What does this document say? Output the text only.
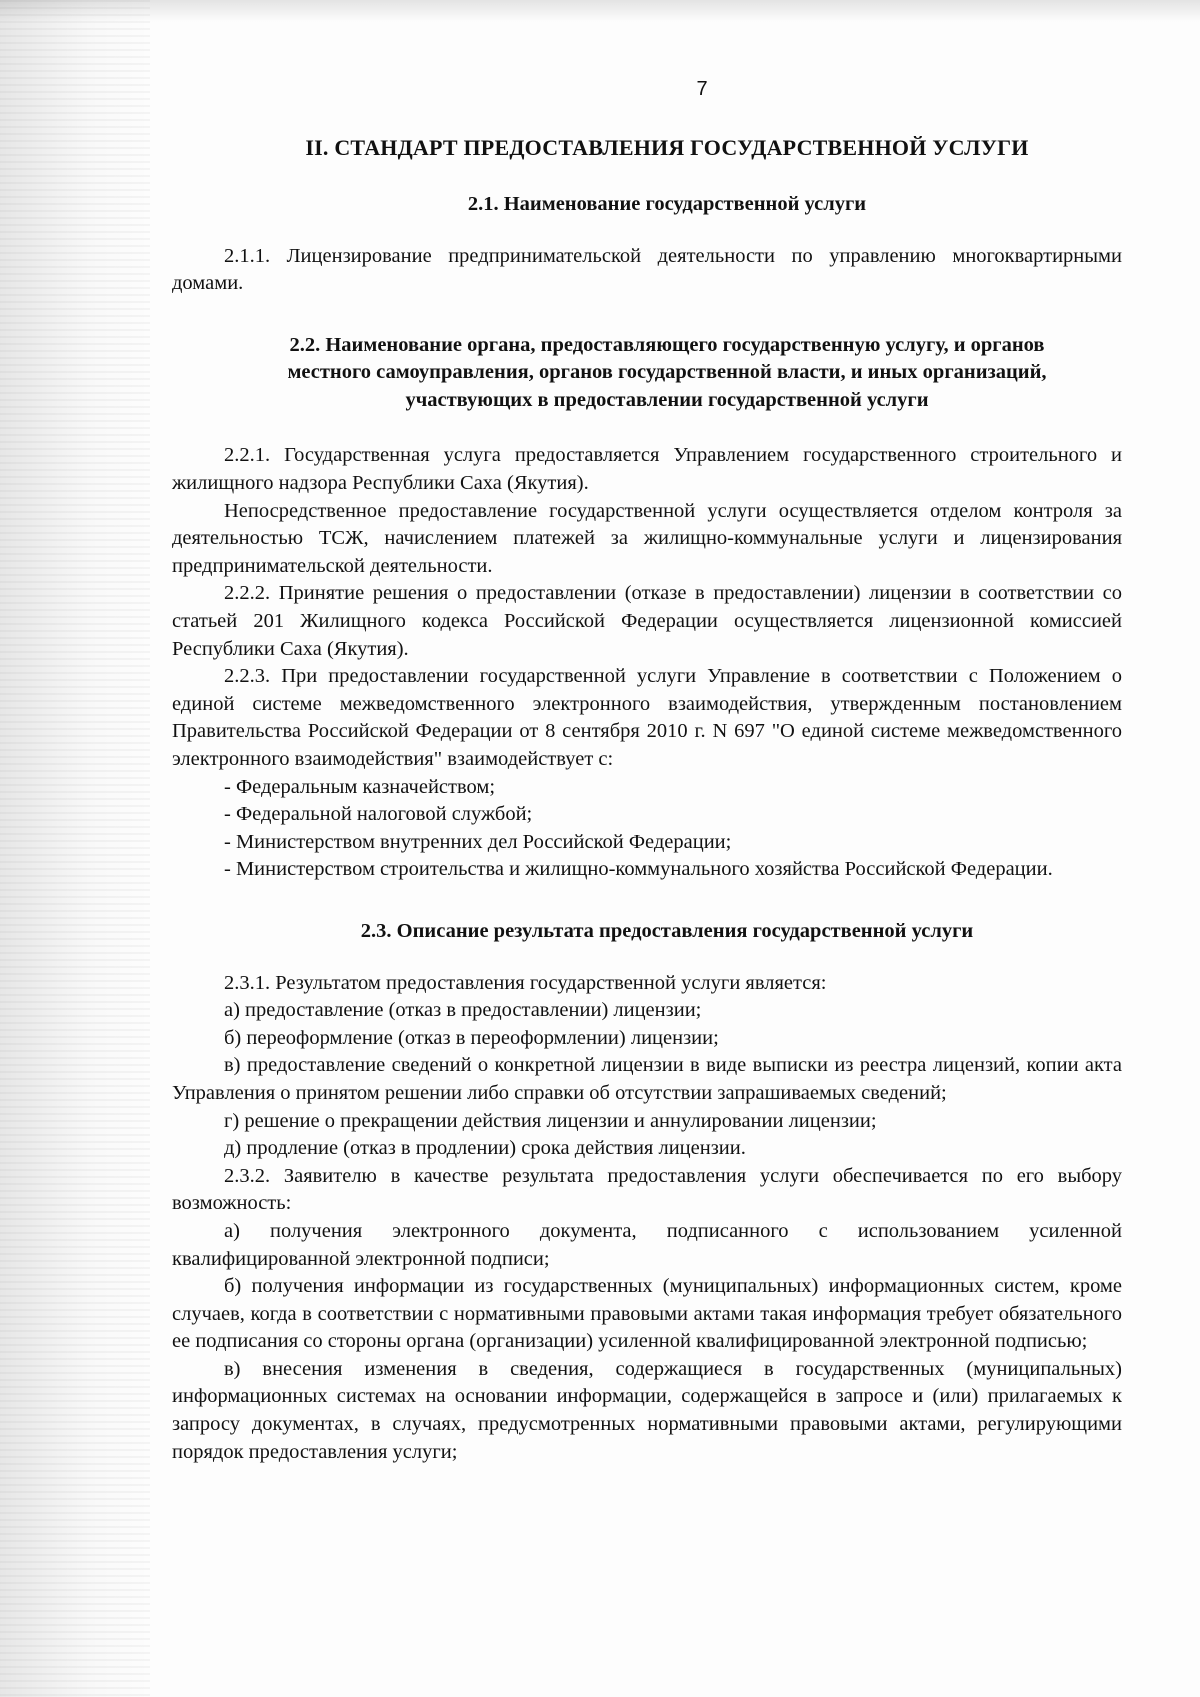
7
II. СТАНДАРТ ПРЕДОСТАВЛЕНИЯ ГОСУДАРСТВЕННОЙ УСЛУГИ
2.1. Наименование государственной услуги

2.1.1. Лицензирование предпринимательской деятельности по управлению многоквартирными домами.

2.2. Наименование органа, предоставляющего государственную услугу, и органов
местного самоуправления, органов государственной власти, и иных организаций,
участвующих в предоставлении государственной услуги

2.2.1. Государственная услуга предоставляется Управлением государственного строительного и жилищного надзора Республики Саха (Якутия).

Непосредственное предоставление государственной услуги осуществляется отделом контроля за деятельностью ТСЖ, начислением платежей за жилищно-коммунальные услуги и лицензирования предпринимательской деятельности.

2.2.2. Принятие решения о предоставлении (отказе в предоставлении) лицензии в соответствии со статьей 201 Жилищного кодекса Российской Федерации осуществляется лицензионной комиссией Республики Саха (Якутия).

2.2.3. При предоставлении государственной услуги Управление в соответствии с Положением о единой системе межведомственного электронного взаимодействия, утвержденным постановлением Правительства Российской Федерации от 8 сентября 2010 г. N 697 "О единой системе межведомственного электронного взаимодействия" взаимодействует с:

- Федеральным казначейством;

- Федеральной налоговой службой;

- Министерством внутренних дел Российской Федерации;

- Министерством строительства и жилищно-коммунального хозяйства Российской Федерации.

2.3. Описание результата предоставления государственной услуги

2.3.1. Результатом предоставления государственной услуги является:

а) предоставление (отказ в предоставлении) лицензии;

б) переоформление (отказ в переоформлении) лицензии;

в) предоставление сведений о конкретной лицензии в виде выписки из реестра лицензий, копии акта Управления о принятом решении либо справки об отсутствии запрашиваемых сведений;

г) решение о прекращении действия лицензии и аннулировании лицензии;

д) продление (отказ в продлении) срока действия лицензии.

2.3.2. Заявителю в качестве результата предоставления услуги обеспечивается по его выбору возможность:

а) получения электронного документа, подписанного с использованием усиленной квалифицированной электронной подписи;

б) получения информации из государственных (муниципальных) информационных систем, кроме случаев, когда в соответствии с нормативными правовыми актами такая информация требует обязательного ее подписания со стороны органа (организации) усиленной квалифицированной электронной подписью;

в) внесения изменения в сведения, содержащиеся в государственных (муниципальных) информационных системах на основании информации, содержащейся в запросе и (или) прилагаемых к запросу документах, в случаях, предусмотренных нормативными правовыми актами, регулирующими порядок предоставления услуги;
